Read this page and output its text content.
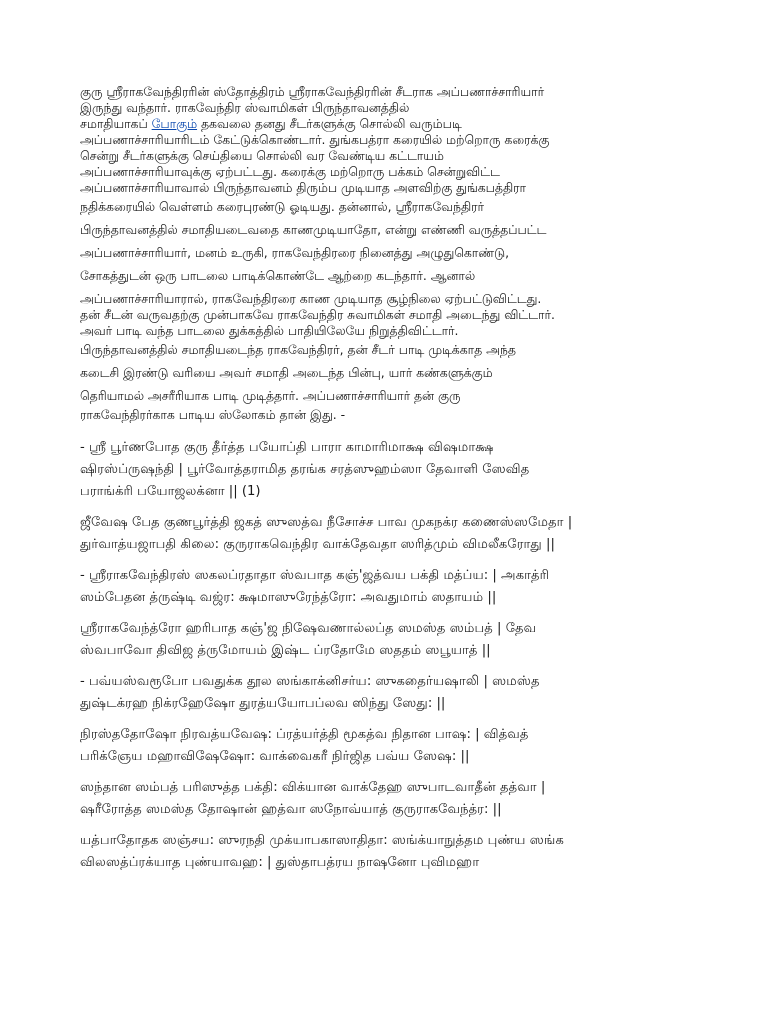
குரு ஸ்ரீராகவேந்திரரின் ஸ்தோத்திரம் ஸ்ரீராகவேந்திரரின் சீடராக அப்பணாச்சாரியார்

இருந்து வந்தார். ராகவேந்திர ஸ்வாமிகள் பிருந்தாவனத்தில்

சமாதியாகப் போகும் தகவலை தனது சீடர்களுக்கு சொல்லி வரும்படி

அப்பணாச்சாரியாரிடம் கேட்டுக்கொண்டார். துங்கபத்ரா கரையில் மற்றொரு கரைக்கு

சென்று சீடர்களுக்கு செய்தியை சொல்லி வர வேண்டிய கட்டாயம்

அப்பணாச்சாரியாவுக்கு ஏற்பட்டது. கரைக்கு மற்றொரு பக்கம் சென்றுவிட்ட

அப்பணாச்சாரியாவால் பிருந்தாவனம் திரும்ப முடியாத அளவிற்கு துங்கபத்திரா

நதிக்கரையில் வெள்ளம் கரைபுரண்டு ஓடியது. தன்னால், ஸ்ரீராகவேந்திரர்

பிருந்தாவனத்தில் சமாதியடைவதை காணமுடியாதோ, என்று எண்ணி வருத்தப்பட்ட

அப்பணாச்சாரியார், மனம் உருகி, ராகவேந்திரரை நினைத்து அழுதுகொண்டு,

சோகத்துடன் ஒரு பாடலை பாடிக்கொண்டே ஆற்றை கடந்தார். ஆனால்

அப்பணாச்சாரியாரால், ராகவேந்திரரை காண முடியாத சூழ்நிலை ஏற்பட்டுவிட்டது.

தன் சீடன் வருவதற்கு முன்பாகவே ராகவேந்திர சுவாமிகள் சமாதி அடைந்து விட்டார்.

அவர் பாடி வந்த பாடலை துக்கத்தில் பாதியிலேயே நிறுத்திவிட்டார்.

பிருந்தாவனத்தில் சமாதியடைந்த ராகவேந்திரர், தன் சீடர் பாடி முடிக்காத அந்த

கடைசி இரண்டு வரியை அவர் சமாதி அடைந்த பின்பு, யார் கண்களுக்கும்

தெரியாமல் அசரீரியாக பாடி முடித்தார். அப்பணாச்சாரியார் தன் குரு

ராகவேந்திரர்காக பாடிய ஸ்லோகம் தான் இது. -

- ஸ்ரீ பூர்ணபோத குரு தீர்த்த பயோப்தி பாரா காமாரிமாக்ஷ விஷமாக்ஷ

ஷிரஸ்ப்ருஷந்தி | பூர்வோத்தராமித தரங்க சரத்ஸுஹம்ஸா தேவாளி ஸேவித

பராங்க்ரி பயோஜலக்னா || (1)

ஜீவேஷ பேத குணபூர்த்தி ஜகத் ஸுஸத்வ நீசோச்ச பாவ முகநக்ர கணைஸ்ஸமேதா |

துர்வாத்யஜாபதி கிலை: குருராகவெந்திர வாக்தேவதா ஸரித்மும் விமலீகரோது ||

- ஸ்ரீராகவேந்திரஸ் ஸகலப்ரதாதா ஸ்வபாத கஞ்'ஜத்வய பக்தி மத்ப்ய: | அகாத்ரி

ஸம்பேதன த்ருஷ்டி வஜ்ர: க்ஷமாஸுரேந்த்ரோ: அவதுமாம் ஸதாயம் ||

ஸ்ரீராகவேந்த்ரோ ஹரிபாத கஞ்'ஜ நிஷேவணால்லப்த ஸமஸ்த ஸம்பத் | தேவ

ஸ்வபாவோ திவிஜ த்ருமோயம் இஷ்ட ப்ரதோமே ஸததம் ஸபூயாத் ||

- பவ்யஸ்வரூபோ பவதுக்க தூல ஸங்காக்னிசர்ய: ஸுகதைர்யஷாலி | ஸமஸ்த

துஷ்டக்ரஹ நிக்ரஹேஷோ துரத்யயோபப்லவ ஸிந்து ஸேது: ||

நிரஸ்ததோஷோ நிரவத்யவேஷ: ப்ரத்யர்த்தி மூகத்வ நிதான பாஷ: | வித்வத்

பரிக்ஞேய மஹாவிஷேஷோ: வாக்வைகரீ நிர்ஜித பவ்ய ஸேஷ: ||

ஸந்தான ஸம்பத் பரிஸுத்த பக்தி: விக்யான வாக்தேஹ ஸுபாடவாதீன் தத்வா |

ஷரீரோத்த ஸமஸ்த தோஷான் ஹத்வா ஸநோவ்யாத் குருராகவேந்த்ர: ||

யத்பாதோதக ஸஞ்சய: ஸுரநதி முக்யாபகாஸாதிதா: ஸங்க்யாநுத்தம புண்ய ஸங்க

விலஸத்ப்ரக்யாத புண்யாவஹ: | துஸ்தாபத்ரய நாஷனோ புவிமஹா
